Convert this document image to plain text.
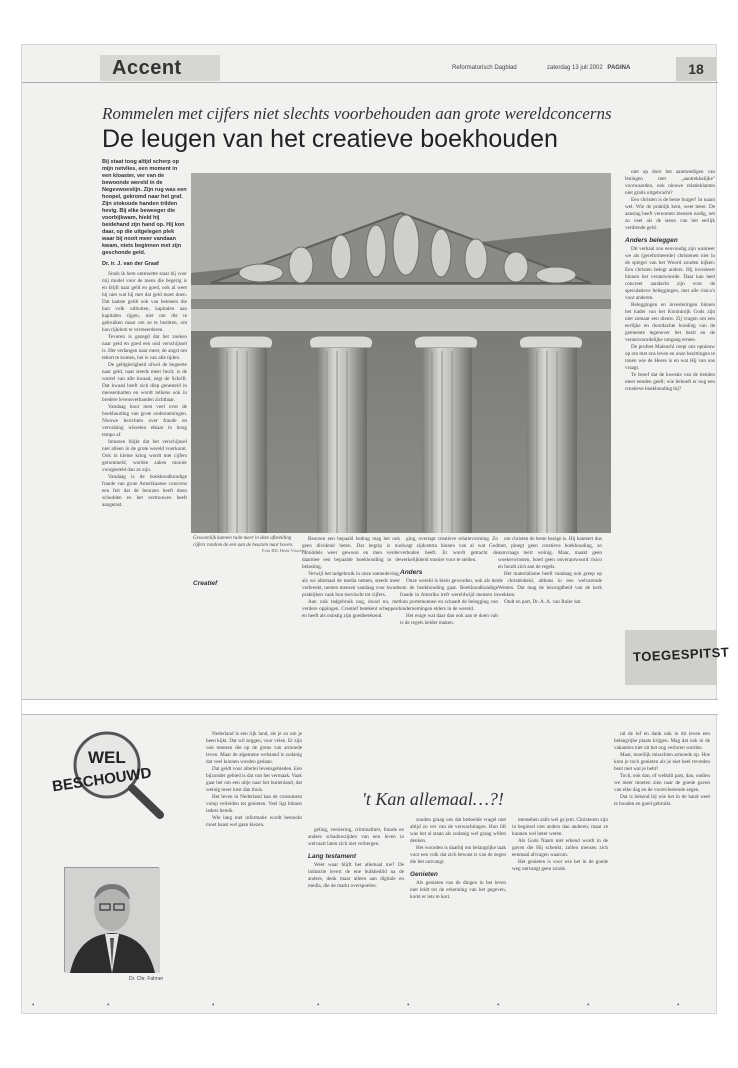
Accent	Reformatorisch Dagblad	zaterdag 13 juli 2002 PAGINA	18
Rommelen met cijfers niet slechts voorbehouden aan grote wereldconcerns
De leugen van het creatieve boekhouden
Bij staat toog altijd scherp op mijn netvlies, een moment in een kloaster, ver van de bewoonde wereld in de Negevwoestijn. Zijn rug was een hoopel, gekromd naar het graf. Zijn stokoude handen trilden hevig. Bij elke beweeger die voorbijkwam, hield hij beidehand zijn hand op. Hij kon daar, op die uitgelegen plek waar bij nooit meer vandaan kwam, niets beginnen met zijn geschonde geld.
Dr. ir. J. van der Graaf

Sinds ik hem ontmoette staat hij voor mij model voor de mens die begerig is en blijft naar geld en goed, ook al weet hij niet wat hij met dat geld moet doen. Dat laatste geldt ook van beleners die hun volk uitbuiten, kapitalen aan kapitalen rijgen, niet om die te gebruiken maar om ze te bezitten, om hun rijkdom te vermeerderen.

Tevoren is gezegd dat het zoeken naar geld en goed een oud verschijnsel is. Het verlangen naar meer, de angst om tekort te komen, het is van alle tijden.

De geldgierigheid ofwel de begeerte naar geld, naar steeds meer bezit, is de wortel van alle kwaad, zegt de Schrift. Dat kwaad heeft zich diep genesteld in mensenharten en wordt telkens ook in bredere levensverbanden zichtbaar.

Vandaag hoor men veel over de boekhouding van grote ondernemingen. Nieuwe berichten over fraude en vervalsing wisselen elkaar in hoog tempo af.

Intussen blijkt dat het verschijnsel niet alleen in de grote wereld voorkomt. Ook in kleine kring wordt met cijfers gerommeld, worden zaken mooier voorgesteld dan ze zijn.

Vandaag is de boekhoudkundige fraude van grote Amerikaanse concerns een feit dat de beurzen heeft doen schudden en het vertrouwen heeft aangetast.

Gewoonlijk kunnen ruim meer in deze afbeelding cijfers rondom de een aan de beurzen naar boven.
Foto RD, Henk Visscher

Beurzen een bepaald bedrag mag het ook geen dividend heten. Dat begrip is nu inmiddels weer gewoon en men verder daarmee een bepaalde boekhouding in de belasting.

Verwijl het tadgebruik in onze samenleving, als we allemaal de media nemen, steeds meer verbreekt, nemen mensen vandaag voor kwade praktijken vaak hun toevlucht tot cijfers.

Aan ruik tadgebruik nog, dwarl nu, met verdere oppingen. Creatief betekent schepperd en heeft als oubstig zijn goedbetekend.

ging, overtapt creatieve relatievorming. Zo dwagt zijdcentra binnen van al wat God verboden heeft. Er wordt getracht de werkelijkheid mooier voor te stellen.

Anders

Onze wereld is klein geworden, ook als het om de boekhouding gaat. Boekhoudkundige fraude in Amerika treft wereldwijd mensen in hun portemonnee en schaadt de belegging van ondernemingen elders in de wereld.

Het enige wat daar dan ook aan te doen valt is de regels helder maken.

om christen de beste bezige is. Hij hanteert dus met, ploegt geen creatieve boekhouding, zo aanvraags teert weinig. Maar, maakt geen woekerwinsten, hoed geen onverantwoord risico en houdt zich aan de regels.

Het materialisme heeft vandaag ook greep op de christenheid, althans in een welvarende Westen. Dat mag de bezorgdheid van de kerk wekken.

Ondt en part, Dr. A. A. van Ruler dat.

Creatief

niet op door het aanmoedigen van leningen met „aantrekkelijke" voorwaarden, ook nieuwe relatieklanten niet gratis uitgebracht?

Een christen is de beste burger! In naam wel. Wie de praktijk kent, weet beter. De aanslag heeft vernomen mensen nodig, net zo veel als de steun van het eerlijk verdiende geld.

Anders beleggen

Dit verhaal zou eenvoudig zijn wanneer we als (gereformeerde) christenen niet in de spiegel van het Woord zouden kijken. Een christen belegt anders. Hij investeert binnen het verantwoorde. Daar kan heel concreet aandacht zijn voor de speculatieve beleggingen, met alle risico's voor anderen.

Beleggingen en investeringen binnen het kader van het Koninkrijk Gods zijn niet zomaar een dienst. Zij vragen om een eerlijke en doordachte houding van de gemeente tegenover het bezit en de verantwoordelijke omgang ermee.

De profeet Maleachi roept ons opnieuw op om met ons leven en onze bezittingen te tonen wie de Heere is en wat Hij van ons vraagt.

Te bezef dat de kwestie van de tienden meer eenden geeft; wie behoeft er nog een creatieve boekhouding bij?

TOEGESPITST
WEL
BESCHOUWD
Dr. Chr. Fahner

Nederland is een rijk land, als je zo om je heen kijkt. Dat wil zeggen, voor velen. Er zijn ook mensen die op de grens van armoede leven. Maar de algemene welstand is zodanig dat veel kunnen worden gedaan.

Dat geldt voor allerlei levensgebieden. Een bijzonder gebied is dat van het vermaak. Vaak gaat het om een uitje naar het buitenland, dat weinig meer kost dan thuis.

Het leven in Nederland kan de consument volop verleiden tot genieten. Veel ligt binnen ieders bereik.

Wie lang met informatie wordt bestookt moet haast wel gaan kiezen.

geling, versiering, criminaliteit, fraude en andere schaduwzijden van een leven in welvaart laten zich niet verbergen.

Lang testament

Weet waar blijft het allemaal toe? De industrie levert de ene bulkhedlid na de andere, denk maar alleen aan digitale en media, die de markt overspoelen.

't Kan allemaal…?!

zouden graag ons dat bedoelde vragel niet altijd zo ver van de verwachtingen. Hun lift was het al staan als zodanig wel graag willen denken.

Het woorden is daarbij om belangrijke taak voor een volk dat zich bewust is van de zegen die het ontvangt.

Genieten

Als genieten van de dingen in het leven niet leidt tot de erkenning van het gegeven, komt er iets te kort.

mensehen zalls wel ge jem. Christenen zijn in beginsel niet anders dan anderen; maar ze kunnen wel beter weten.

Als Gods Naam niet erkend wordt in de gaven die Hij schenkt, zullen mensen zich eenmaal afvragen waarom.

Het genieten is voor wie het in de goede weg ontvangt geen zonde.

ral de lof en dank ook in dit leven een belangrijke plaats krijgen. Mag dat ook in de vakanties niet uit het oog verloren worden.

Maar, moeilijk misschien armoede op. Hoe kom je toch genieten als je niet heel tevreden bent met wat je hebt?

Toch, ook dan, of welkdit past, dan, ondien we meer moeten zien naar de goede gaven van elke dag en de voortvloeiende zegen.

Dat is bekend bij wie het in de hand weet te houden en goed gebruikt.

•	•	•	•	•	•	•	•
